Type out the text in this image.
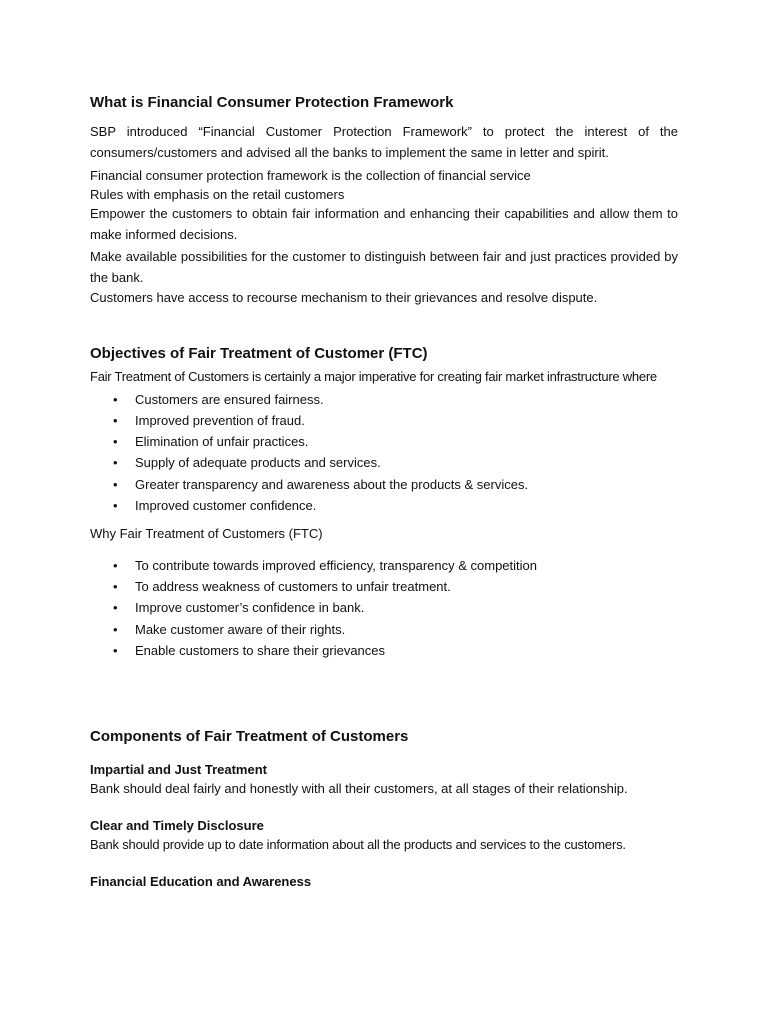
What is Financial Consumer Protection Framework

SBP introduced “Financial Customer Protection Framework” to protect the interest of the consumers/customers and advised all the banks to implement the same in letter and spirit.

Financial consumer protection framework is the collection of financial service

Rules with emphasis on the retail customers

Empower the customers to obtain fair information and enhancing their capabilities and allow them to make informed decisions.

Make available possibilities for the customer to distinguish between fair and just practices provided by the bank.

Customers have access to recourse mechanism to their grievances and resolve dispute.

Objectives of Fair Treatment of Customer (FTC)

Fair Treatment of Customers is certainly a major imperative for creating fair market infrastructure where

• Customers are ensured fairness.
• Improved prevention of fraud.
• Elimination of unfair practices.
• Supply of adequate products and services.
• Greater transparency and awareness about the products & services.
• Improved customer confidence.

Why Fair Treatment of Customers (FTC)

• To contribute towards improved efficiency, transparency & competition
• To address weakness of customers to unfair treatment.
• Improve customer’s confidence in bank.
• Make customer aware of their rights.
• Enable customers to share their grievances
Components of Fair Treatment of Customers
Impartial and Just Treatment

Bank should deal fairly and honestly with all their customers, at all stages of their relationship.

Clear and Timely Disclosure

Bank should provide up to date information about all the products and services to the customers.

Financial Education and Awareness
